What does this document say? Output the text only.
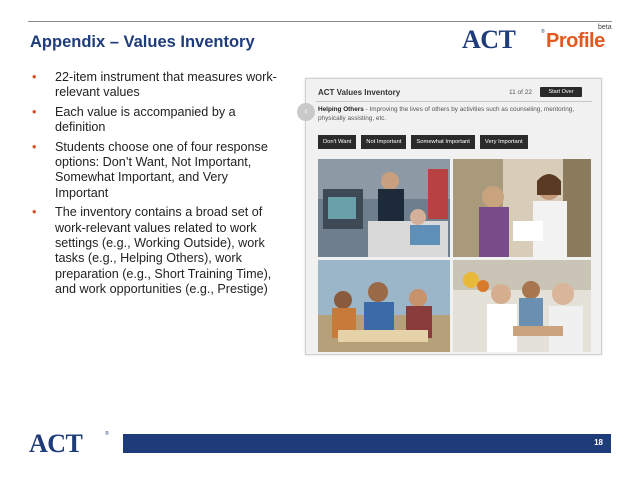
Appendix – Values Inventory	ACT	® Profile
beta
• 22-item instrument that measures work-relevant values
• Each value is accompanied by a definition
• Students choose one of four response options: Don’t Want, Not Important, Somewhat Important, and Very Important
• The inventory contains a broad set of work-relevant values related to work settings (e.g., Working Outside), work tasks (e.g., Helping Others), work preparation (e.g., Short Training Time), and work opportunities (e.g., Prestige)
‹
ACT Values Inventory	11 of 22	Start Over
Helping Others - Improving the lives of others by activities such as counseling, mentoring, physically assisting, etc.
Don't Want	Not Important	Somewhat Important	Very Important
ACT	®
18
